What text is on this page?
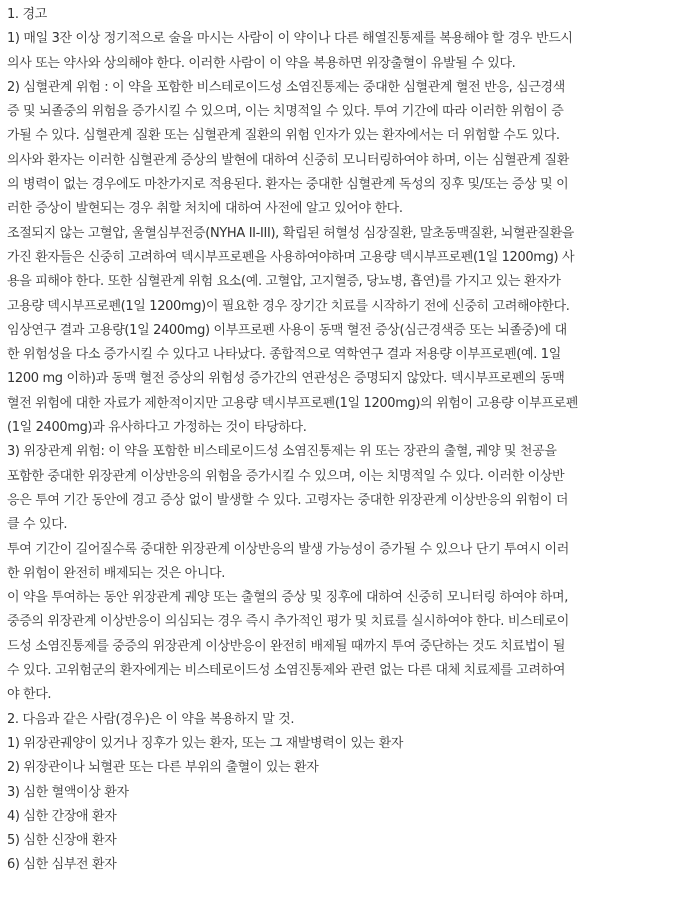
1. 경고
1) 매일 3잔 이상 정기적으로 술을 마시는 사람이 이 약이나 다른 해열진통제를 복용해야 할 경우 반드시
의사 또는 약사와 상의해야 한다. 이러한 사람이 이 약을 복용하면 위장출혈이 유발될 수 있다.
2) 심혈관계 위험 : 이 약을 포함한 비스테로이드성 소염진통제는 중대한 심혈관계 혈전 반응, 심근경색
증 및 뇌졸중의 위험을 증가시킬 수 있으며, 이는 치명적일 수 있다. 투여 기간에 따라 이러한 위험이 증
가될 수 있다. 심혈관계 질환 또는 심혈관계 질환의 위험 인자가 있는 환자에서는 더 위험할 수도 있다.
의사와 환자는 이러한 심혈관계 증상의 발현에 대하여 신중히 모니터링하여야 하며, 이는 심혈관계 질환
의 병력이 없는 경우에도 마찬가지로 적용된다. 환자는 중대한 심혈관계 독성의 징후 및/또는 증상 및 이
러한 증상이 발현되는 경우 취할 처치에 대하여 사전에 알고 있어야 한다.
조절되지 않는 고혈압, 울혈심부전증(NYHA II-III), 확립된 허혈성 심장질환, 말초동맥질환, 뇌혈관질환을
가진 환자들은 신중히 고려하여 덱시부프로펜을 사용하여야하며 고용량 덱시부프로펜(1일 1200mg) 사
용을 피해야 한다. 또한 심혈관계 위험 요소(예. 고혈압, 고지혈증, 당뇨병, 흡연)를 가지고 있는 환자가
고용량 덱시부프로펜(1일 1200mg)이 필요한 경우 장기간 치료를 시작하기 전에 신중히 고려해야한다.
임상연구 결과 고용량(1일 2400mg) 이부프로펜 사용이 동맥 혈전 증상(심근경색증 또는 뇌졸중)에 대
한 위험성을 다소 증가시킬 수 있다고 나타났다. 종합적으로 역학연구 결과 저용량 이부프로펜(예. 1일
1200 mg 이하)과 동맥 혈전 증상의 위험성 증가간의 연관성은 증명되지 않았다. 덱시부프로펜의 동맥
혈전 위험에 대한 자료가 제한적이지만 고용량 덱시부프로펜(1일 1200mg)의 위험이 고용량 이부프로펜
(1일 2400mg)과 유사하다고 가정하는 것이 타당하다.
3) 위장관계 위험: 이 약을 포함한 비스테로이드성 소염진통제는 위 또는 장관의 출혈, 궤양 및 천공을
포함한 중대한 위장관계 이상반응의 위험을 증가시킬 수 있으며, 이는 치명적일 수 있다. 이러한 이상반
응은 투여 기간 동안에 경고 증상 없이 발생할 수 있다. 고령자는 중대한 위장관계 이상반응의 위험이 더
클 수 있다.
투여 기간이 길어질수록 중대한 위장관계 이상반응의 발생 가능성이 증가될 수 있으나 단기 투여시 이러
한 위험이 완전히 배제되는 것은 아니다.
이 약을 투여하는 동안 위장관계 궤양 또는 출혈의 증상 및 징후에 대하여 신중히 모니터링 하여야 하며,
중증의 위장관계 이상반응이 의심되는 경우 즉시 추가적인 평가 및 치료를 실시하여야 한다. 비스테로이
드성 소염진통제를 중증의 위장관계 이상반응이 완전히 배제될 때까지 투여 중단하는 것도 치료법이 될
수 있다. 고위험군의 환자에게는 비스테로이드성 소염진통제와 관련 없는 다른 대체 치료제를 고려하여
야 한다.
2. 다음과 같은 사람(경우)은 이 약을 복용하지 말 것.
1) 위장관궤양이 있거나 징후가 있는 환자, 또는 그 재발병력이 있는 환자
2) 위장관이나 뇌혈관 또는 다른 부위의 출혈이 있는 환자
3) 심한 혈액이상 환자
4) 심한 간장애 환자
5) 심한 신장애 환자
6) 심한 심부전 환자
